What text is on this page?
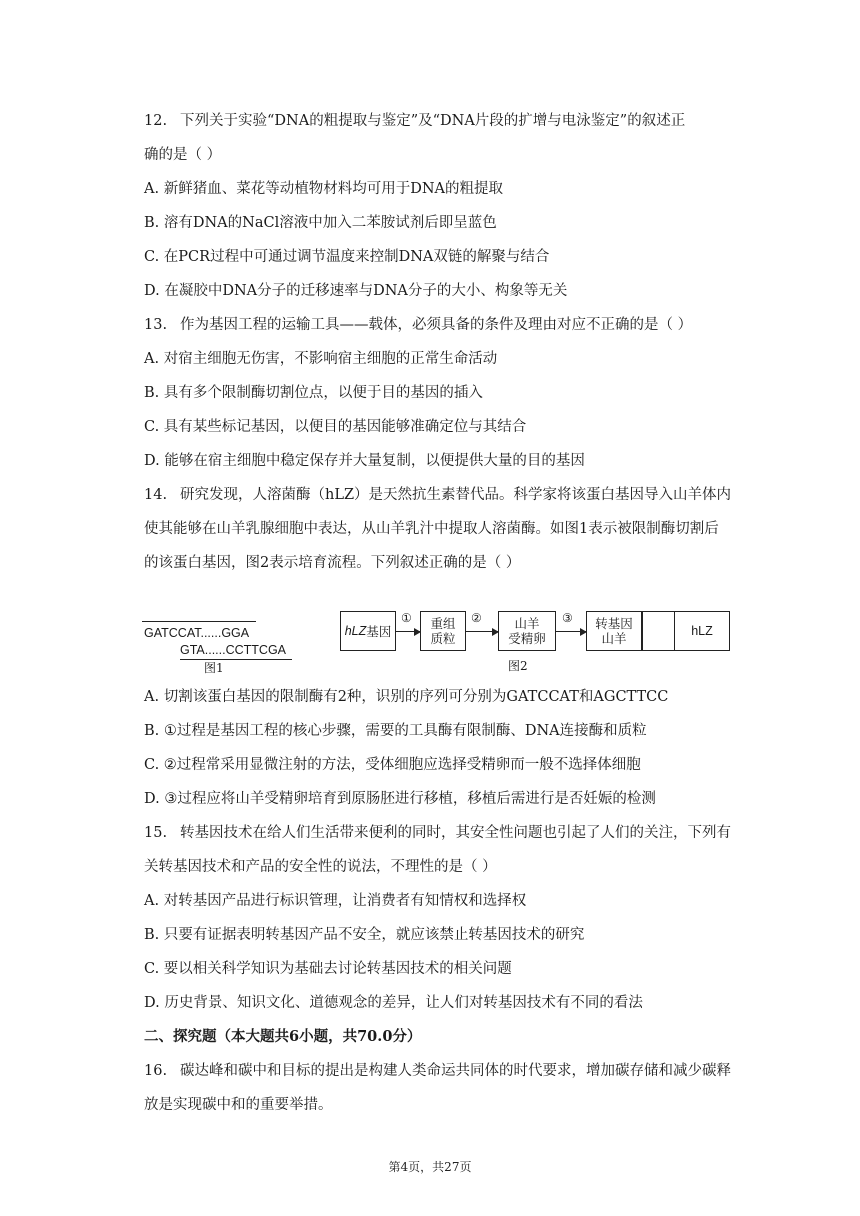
12. 下列关于实验“DNA的粗提取与鉴定”及“DNA片段的扩增与电泳鉴定”的叙述正
确的是（ ）
A. 新鲜猪血、菜花等动植物材料均可用于DNA的粗提取
B. 溶有DNA的NaCl溶液中加入二苯胺试剂后即呈蓝色
C. 在PCR过程中可通过调节温度来控制DNA双链的解聚与结合
D. 在凝胶中DNA分子的迁移速率与DNA分子的大小、构象等无关
13. 作为基因工程的运输工具——载体，必须具备的条件及理由对应不正确的是（ ）
A. 对宿主细胞无伤害，不影响宿主细胞的正常生命活动
B. 具有多个限制酶切割位点，以便于目的基因的插入
C. 具有某些标记基因，以便目的基因能够准确定位与其结合
D. 能够在宿主细胞中稳定保存并大量复制，以便提供大量的目的基因
14. 研究发现，人溶菌酶（hLZ）是天然抗生素替代品。科学家将该蛋白基因导入山羊体内
使其能够在山羊乳腺细胞中表达，从山羊乳汁中提取人溶菌酶。如图1表示被限制酶切割后
的该蛋白基因，图2表示培育流程。下列叙述正确的是（ ）
GATCCAT......GGA
GTA......CCTTCGA
图1
hLZ 基因
① 重组
质粒
②	山羊
受精卵
③ 转基因
山羊
图2
hLZ
A. 切割该蛋白基因的限制酶有2种，识别的序列可分别为GATCCAT和AGCTTCC
B. ①过程是基因工程的核心步骤，需要的工具酶有限制酶、DNA连接酶和质粒
C. ②过程常采用显微注射的方法，受体细胞应选择受精卵而一般不选择体细胞
D. ③过程应将山羊受精卵培育到原肠胚进行移植，移植后需进行是否妊娠的检测
15. 转基因技术在给人们生活带来便利的同时，其安全性问题也引起了人们的关注，下列有
关转基因技术和产品的安全性的说法，不理性的是（ ）
A. 对转基因产品进行标识管理，让消费者有知情权和选择权
B. 只要有证据表明转基因产品不安全，就应该禁止转基因技术的研究
C. 要以相关科学知识为基础去讨论转基因技术的相关问题
D. 历史背景、知识文化、道德观念的差异，让人们对转基因技术有不同的看法
二、探究题（本大题共6小题，共70.0分）
16. 碳达峰和碳中和目标的提出是构建人类命运共同体的时代要求，增加碳存储和减少碳释
放是实现碳中和的重要举措。
第4页，共27页
